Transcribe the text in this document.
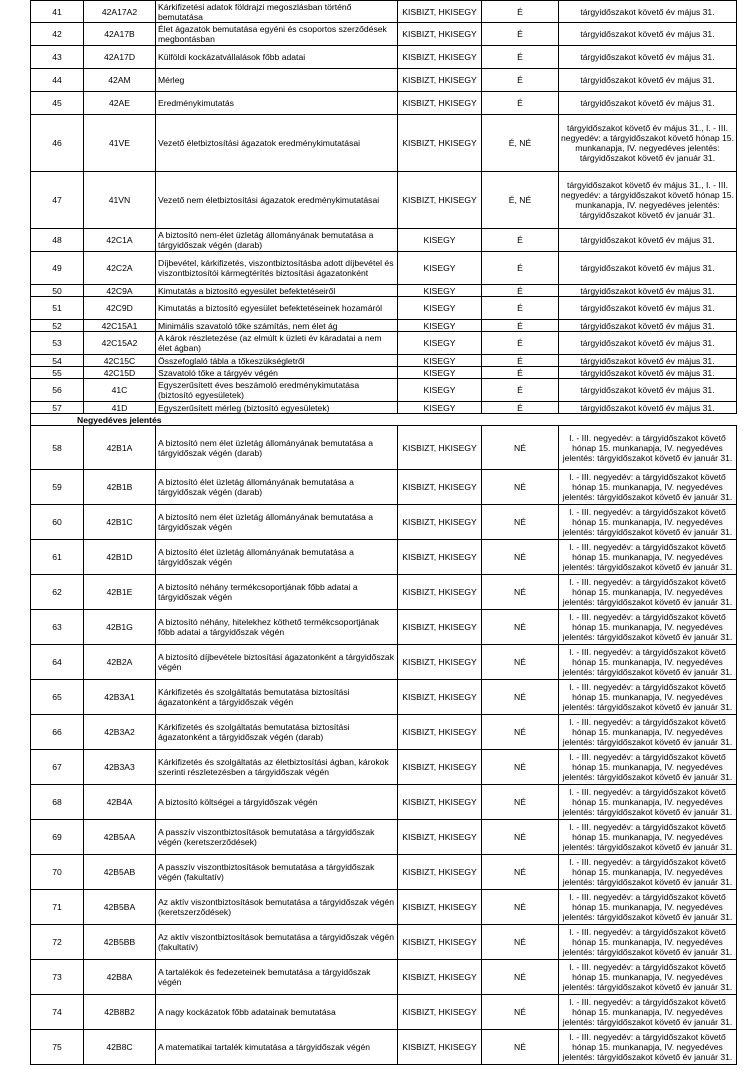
41	42A17A2	Kárkifizetési adatok földrajzi megoszlásban történő bemutatása	KISBIZT, HKISEGY	É	tárgyidőszakot követő év május 31.
42	42A17B	Élet ágazatok bemutatása egyéni és csoportos szerződések megbontásban	KISBIZT, HKISEGY	É	tárgyidőszakot követő év május 31.
43	42A17D	Külföldi kockázatvállalások főbb adatai	KISBIZT, HKISEGY	É	tárgyidőszakot követő év május 31.
44	42AM	Mérleg	KISBIZT, HKISEGY	É	tárgyidőszakot követő év május 31.
45	42AE	Eredménykimutatás	KISBIZT, HKISEGY	É	tárgyidőszakot követő év május 31.
46	41VE	Vezető életbiztosítási ágazatok eredménykimutatásai	KISBIZT, HKISEGY	É, NÉ	tárgyidőszakot követő év május 31., I. - III. negyedév: a tárgyidőszakot követő hónap 15. munkanapja, IV. negyedéves jelentés: tárgyidőszakot követő év január 31.
47	41VN	Vezető nem életbiztosítási ágazatok eredménykimutatásai	KISBIZT, HKISEGY	É, NÉ	tárgyidőszakot követő év május 31., I. - III. negyedév: a tárgyidőszakot követő hónap 15. munkanapja, IV. negyedéves jelentés: tárgyidőszakot követő év január 31.
48	42C1A	A biztosító nem-élet üzletág állományának bemutatása a tárgyidőszak végén (darab)	KISEGY	É	tárgyidőszakot követő év május 31.
49	42C2A	Díjbevétel, kárkifizetés, viszontbiztosításba adott díjbevétel és viszontbiztosítói kármegtérítés biztosítási ágazatonként	KISEGY	É	tárgyidőszakot követő év május 31.
50	42C9A	Kimutatás a biztosító egyesület befektetéseiről	KISEGY	É	tárgyidőszakot követő év május 31.
51	42C9D	Kimutatás a biztosító egyesület befektetéseinek hozamáról	KISEGY	É	tárgyidőszakot követő év május 31.
52	42C15A1	Minimális szavatoló tőke számítás, nem élet ág	KISEGY	É	tárgyidőszakot követő év május 31.
53	42C15A2	A károk részletezése (az elmúlt k üzleti év káradatai a nem élet ágban)	KISEGY	É	tárgyidőszakot követő év május 31.
54	42C15C	Összefoglaló tábla a tőkeszükségletről	KISEGY	É	tárgyidőszakot követő év május 31.
55	42C15D	Szavatoló tőke a tárgyév végén	KISEGY	É	tárgyidőszakot követő év május 31.
56	41C	Egyszerűsített éves beszámoló eredménykimutatása (biztosító egyesületek)	KISEGY	É	tárgyidőszakot követő év május 31.
57	41D	Egyszerűsített mérleg (biztosító egyesületek)	KISEGY	É	tárgyidőszakot követő év május 31.
Negyedéves jelentés					
58	42B1A	A biztosító nem élet üzletág állományának bemutatása a tárgyidőszak végén (darab)	KISBIZT, HKISEGY	NÉ	I. - III. negyedév: a tárgyidőszakot követő hónap 15. munkanapja, IV. negyedéves jelentés: tárgyidőszakot követő év január 31.
59	42B1B	A biztosító élet üzletág állományának bemutatása a tárgyidőszak végén (darab)	KISBIZT, HKISEGY	NÉ	I. - III. negyedév: a tárgyidőszakot követő hónap 15. munkanapja, IV. negyedéves jelentés: tárgyidőszakot követő év január 31.
60	42B1C	A biztosító nem élet üzletág állományának bemutatása a tárgyidőszak végén	KISBIZT, HKISEGY	NÉ	I. - III. negyedév: a tárgyidőszakot követő hónap 15. munkanapja, IV. negyedéves jelentés: tárgyidőszakot követő év január 31.
61	42B1D	A biztosító élet üzletág állományának bemutatása a tárgyidőszak végén	KISBIZT, HKISEGY	NÉ	I. - III. negyedév: a tárgyidőszakot követő hónap 15. munkanapja, IV. negyedéves jelentés: tárgyidőszakot követő év január 31.
62	42B1E	A biztosító néhány termékcsoportjának főbb adatai a tárgyidőszak végén	KISBIZT, HKISEGY	NÉ	I. - III. negyedév: a tárgyidőszakot követő hónap 15. munkanapja, IV. negyedéves jelentés: tárgyidőszakot követő év január 31.
63	42B1G	A biztosító néhány, hitelekhez köthető termékcsoportjának főbb adatai a tárgyidőszak végén	KISBIZT, HKISEGY	NÉ	I. - III. negyedév: a tárgyidőszakot követő hónap 15. munkanapja, IV. negyedéves jelentés: tárgyidőszakot követő év január 31.
64	42B2A	A biztosító díjbevétele biztosítási ágazatonként a tárgyidőszak végén	KISBIZT, HKISEGY	NÉ	I. - III. negyedév: a tárgyidőszakot követő hónap 15. munkanapja, IV. negyedéves jelentés: tárgyidőszakot követő év január 31.
65	42B3A1	Kárkifizetés és szolgáltatás bemutatása biztosítási ágazatonként a tárgyidőszak végén	KISBIZT, HKISEGY	NÉ	I. - III. negyedév: a tárgyidőszakot követő hónap 15. munkanapja, IV. negyedéves jelentés: tárgyidőszakot követő év január 31.
66	42B3A2	Kárkifizetés és szolgáltatás bemutatása biztosítási ágazatonként a tárgyidőszak végén (darab)	KISBIZT, HKISEGY	NÉ	I. - III. negyedév: a tárgyidőszakot követő hónap 15. munkanapja, IV. negyedéves jelentés: tárgyidőszakot követő év január 31.
67	42B3A3	Kárkifizetés és szolgáltatás az életbiztosítási ágban, károkok szerinti részletezésben a tárgyidőszak végén	KISBIZT, HKISEGY	NÉ	I. - III. negyedév: a tárgyidőszakot követő hónap 15. munkanapja, IV. negyedéves jelentés: tárgyidőszakot követő év január 31.
68	42B4A	A biztosító költségei a tárgyidőszak végén	KISBIZT, HKISEGY	NÉ	I. - III. negyedév: a tárgyidőszakot követő hónap 15. munkanapja, IV. negyedéves jelentés: tárgyidőszakot követő év január 31.
69	42B5AA	A passzív viszontbiztosítások bemutatása a tárgyidőszak végén (keretszerződések)	KISBIZT, HKISEGY	NÉ	I. - III. negyedév: a tárgyidőszakot követő hónap 15. munkanapja, IV. negyedéves jelentés: tárgyidőszakot követő év január 31.
70	42B5AB	A passzív viszontbiztosítások bemutatása a tárgyidőszak végén (fakultatív)	KISBIZT, HKISEGY	NÉ	I. - III. negyedév: a tárgyidőszakot követő hónap 15. munkanapja, IV. negyedéves jelentés: tárgyidőszakot követő év január 31.
71	42B5BA	Az aktív viszontbiztosítások bemutatása a tárgyidőszak végén (keretszerződések)	KISBIZT, HKISEGY	NÉ	I. - III. negyedév: a tárgyidőszakot követő hónap 15. munkanapja, IV. negyedéves jelentés: tárgyidőszakot követő év január 31.
72	42B5BB	Az aktív viszontbiztosítások bemutatása a tárgyidőszak végén (fakultatív)	KISBIZT, HKISEGY	NÉ	I. - III. negyedév: a tárgyidőszakot követő hónap 15. munkanapja, IV. negyedéves jelentés: tárgyidőszakot követő év január 31.
73	42B8A	A tartalékok és fedezeteinek bemutatása a tárgyidőszak végén	KISBIZT, HKISEGY	NÉ	I. - III. negyedév: a tárgyidőszakot követő hónap 15. munkanapja, IV. negyedéves jelentés: tárgyidőszakot követő év január 31.
74	42B8B2	A nagy kockázatok főbb adatainak bemutatása	KISBIZT, HKISEGY	NÉ	I. - III. negyedév: a tárgyidőszakot követő hónap 15. munkanapja, IV. negyedéves jelentés: tárgyidőszakot követő év január 31.
75	42B8C	A matematikai tartalék kimutatása a tárgyidőszak végén	KISBIZT, HKISEGY	NÉ	I. - III. negyedév: a tárgyidőszakot követő hónap 15. munkanapja, IV. negyedéves jelentés: tárgyidőszakot követő év január 31.
